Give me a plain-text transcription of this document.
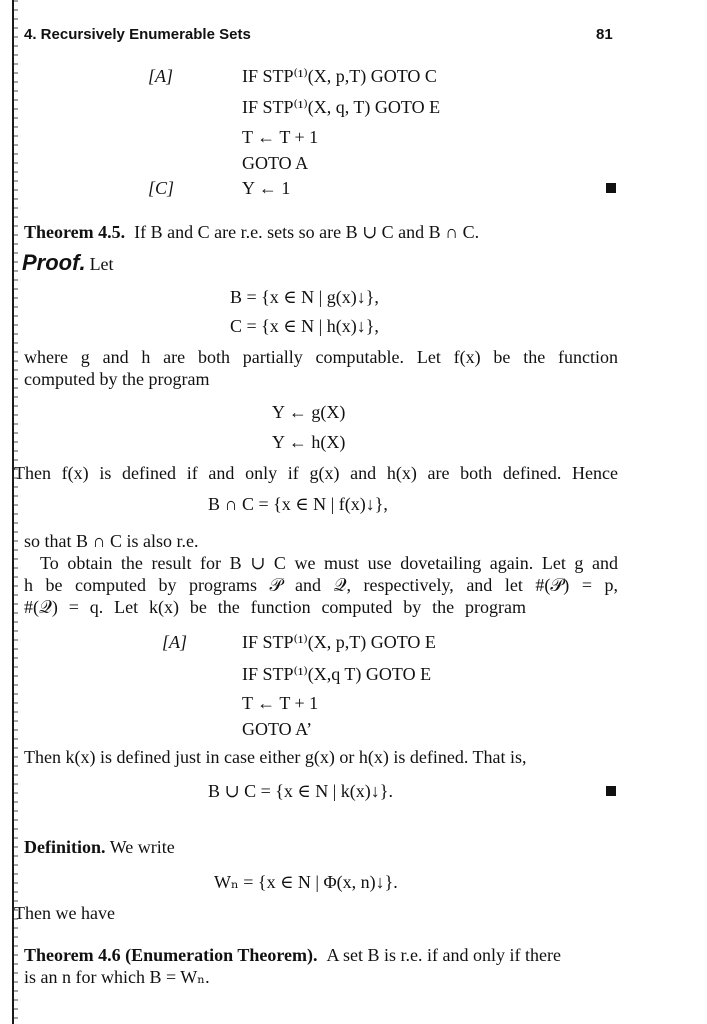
4. Recursively Enumerable Sets	81
[A]	IF STP⁽¹⁾(X, p,T) GOTO C
IF STP⁽¹⁾(X, q, T) GOTO E
T ← T + 1
GOTO A
[C]	Y ← 1
Theorem 4.5. If B and C are r.e. sets so are B ∪ C and B ∩ C.
Proof. Let
B = {x ∈ N | g(x)↓},
C = {x ∈ N | h(x)↓},
where g and h are both partially computable. Let f(x) be the function
computed by the program
Y ← g(X)
Y ← h(X)
Then f(x) is defined if and only if g(x) and h(x) are both defined. Hence
B ∩ C = {x ∈ N | f(x)↓},
so that B ∩ C is also r.e.
To obtain the result for B ∪ C we must use dovetailing again. Let g and
h be computed by programs 𝒫 and 𝒬, respectively, and let #(𝒫) = p,
#(𝒬) = q. Let k(x) be the function computed by the program
[A]	IF STP⁽¹⁾(X, p,T) GOTO E
IF STP⁽¹⁾(X,q T) GOTO E
T ← T + 1
GOTO A’
Then k(x) is defined just in case either g(x) or h(x) is defined. That is,
B ∪ C = {x ∈ N | k(x)↓}.
Definition. We write
Wₙ = {x ∈ N | Φ(x, n)↓}.
Then we have
Theorem 4.6 (Enumeration Theorem). A set B is r.e. if and only if there
is an n for which B = Wₙ.
